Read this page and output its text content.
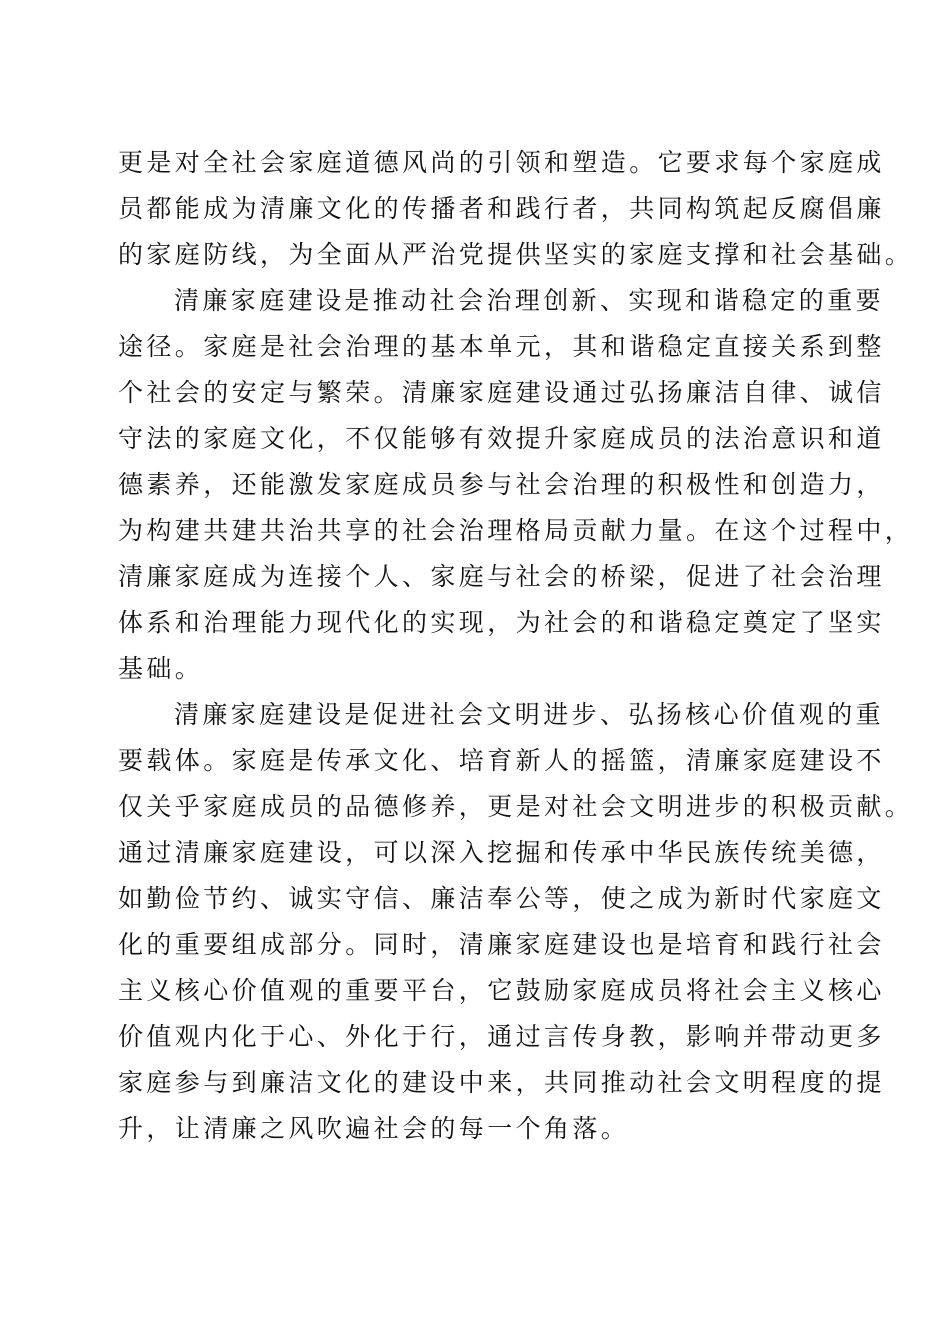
更是对全社会家庭道德风尚的引领和塑造。它要求每个家庭成
员都能成为清廉文化的传播者和践行者，共同构筑起反腐倡廉
的家庭防线，为全面从严治党提供坚实的家庭支撑和社会基础。
清廉家庭建设是推动社会治理创新、实现和谐稳定的重要
途径。家庭是社会治理的基本单元，其和谐稳定直接关系到整
个社会的安定与繁荣。清廉家庭建设通过弘扬廉洁自律、诚信
守法的家庭文化，不仅能够有效提升家庭成员的法治意识和道
德素养，还能激发家庭成员参与社会治理的积极性和创造力，
为构建共建共治共享的社会治理格局贡献力量。在这个过程中，
清廉家庭成为连接个人、家庭与社会的桥梁，促进了社会治理
体系和治理能力现代化的实现，为社会的和谐稳定奠定了坚实
基础。
清廉家庭建设是促进社会文明进步、弘扬核心价值观的重
要载体。家庭是传承文化、培育新人的摇篮，清廉家庭建设不
仅关乎家庭成员的品德修养，更是对社会文明进步的积极贡献。
通过清廉家庭建设，可以深入挖掘和传承中华民族传统美德，
如勤俭节约、诚实守信、廉洁奉公等，使之成为新时代家庭文
化的重要组成部分。同时，清廉家庭建设也是培育和践行社会
主义核心价值观的重要平台，它鼓励家庭成员将社会主义核心
价值观内化于心、外化于行，通过言传身教，影响并带动更多
家庭参与到廉洁文化的建设中来，共同推动社会文明程度的提
升，让清廉之风吹遍社会的每一个角落。
